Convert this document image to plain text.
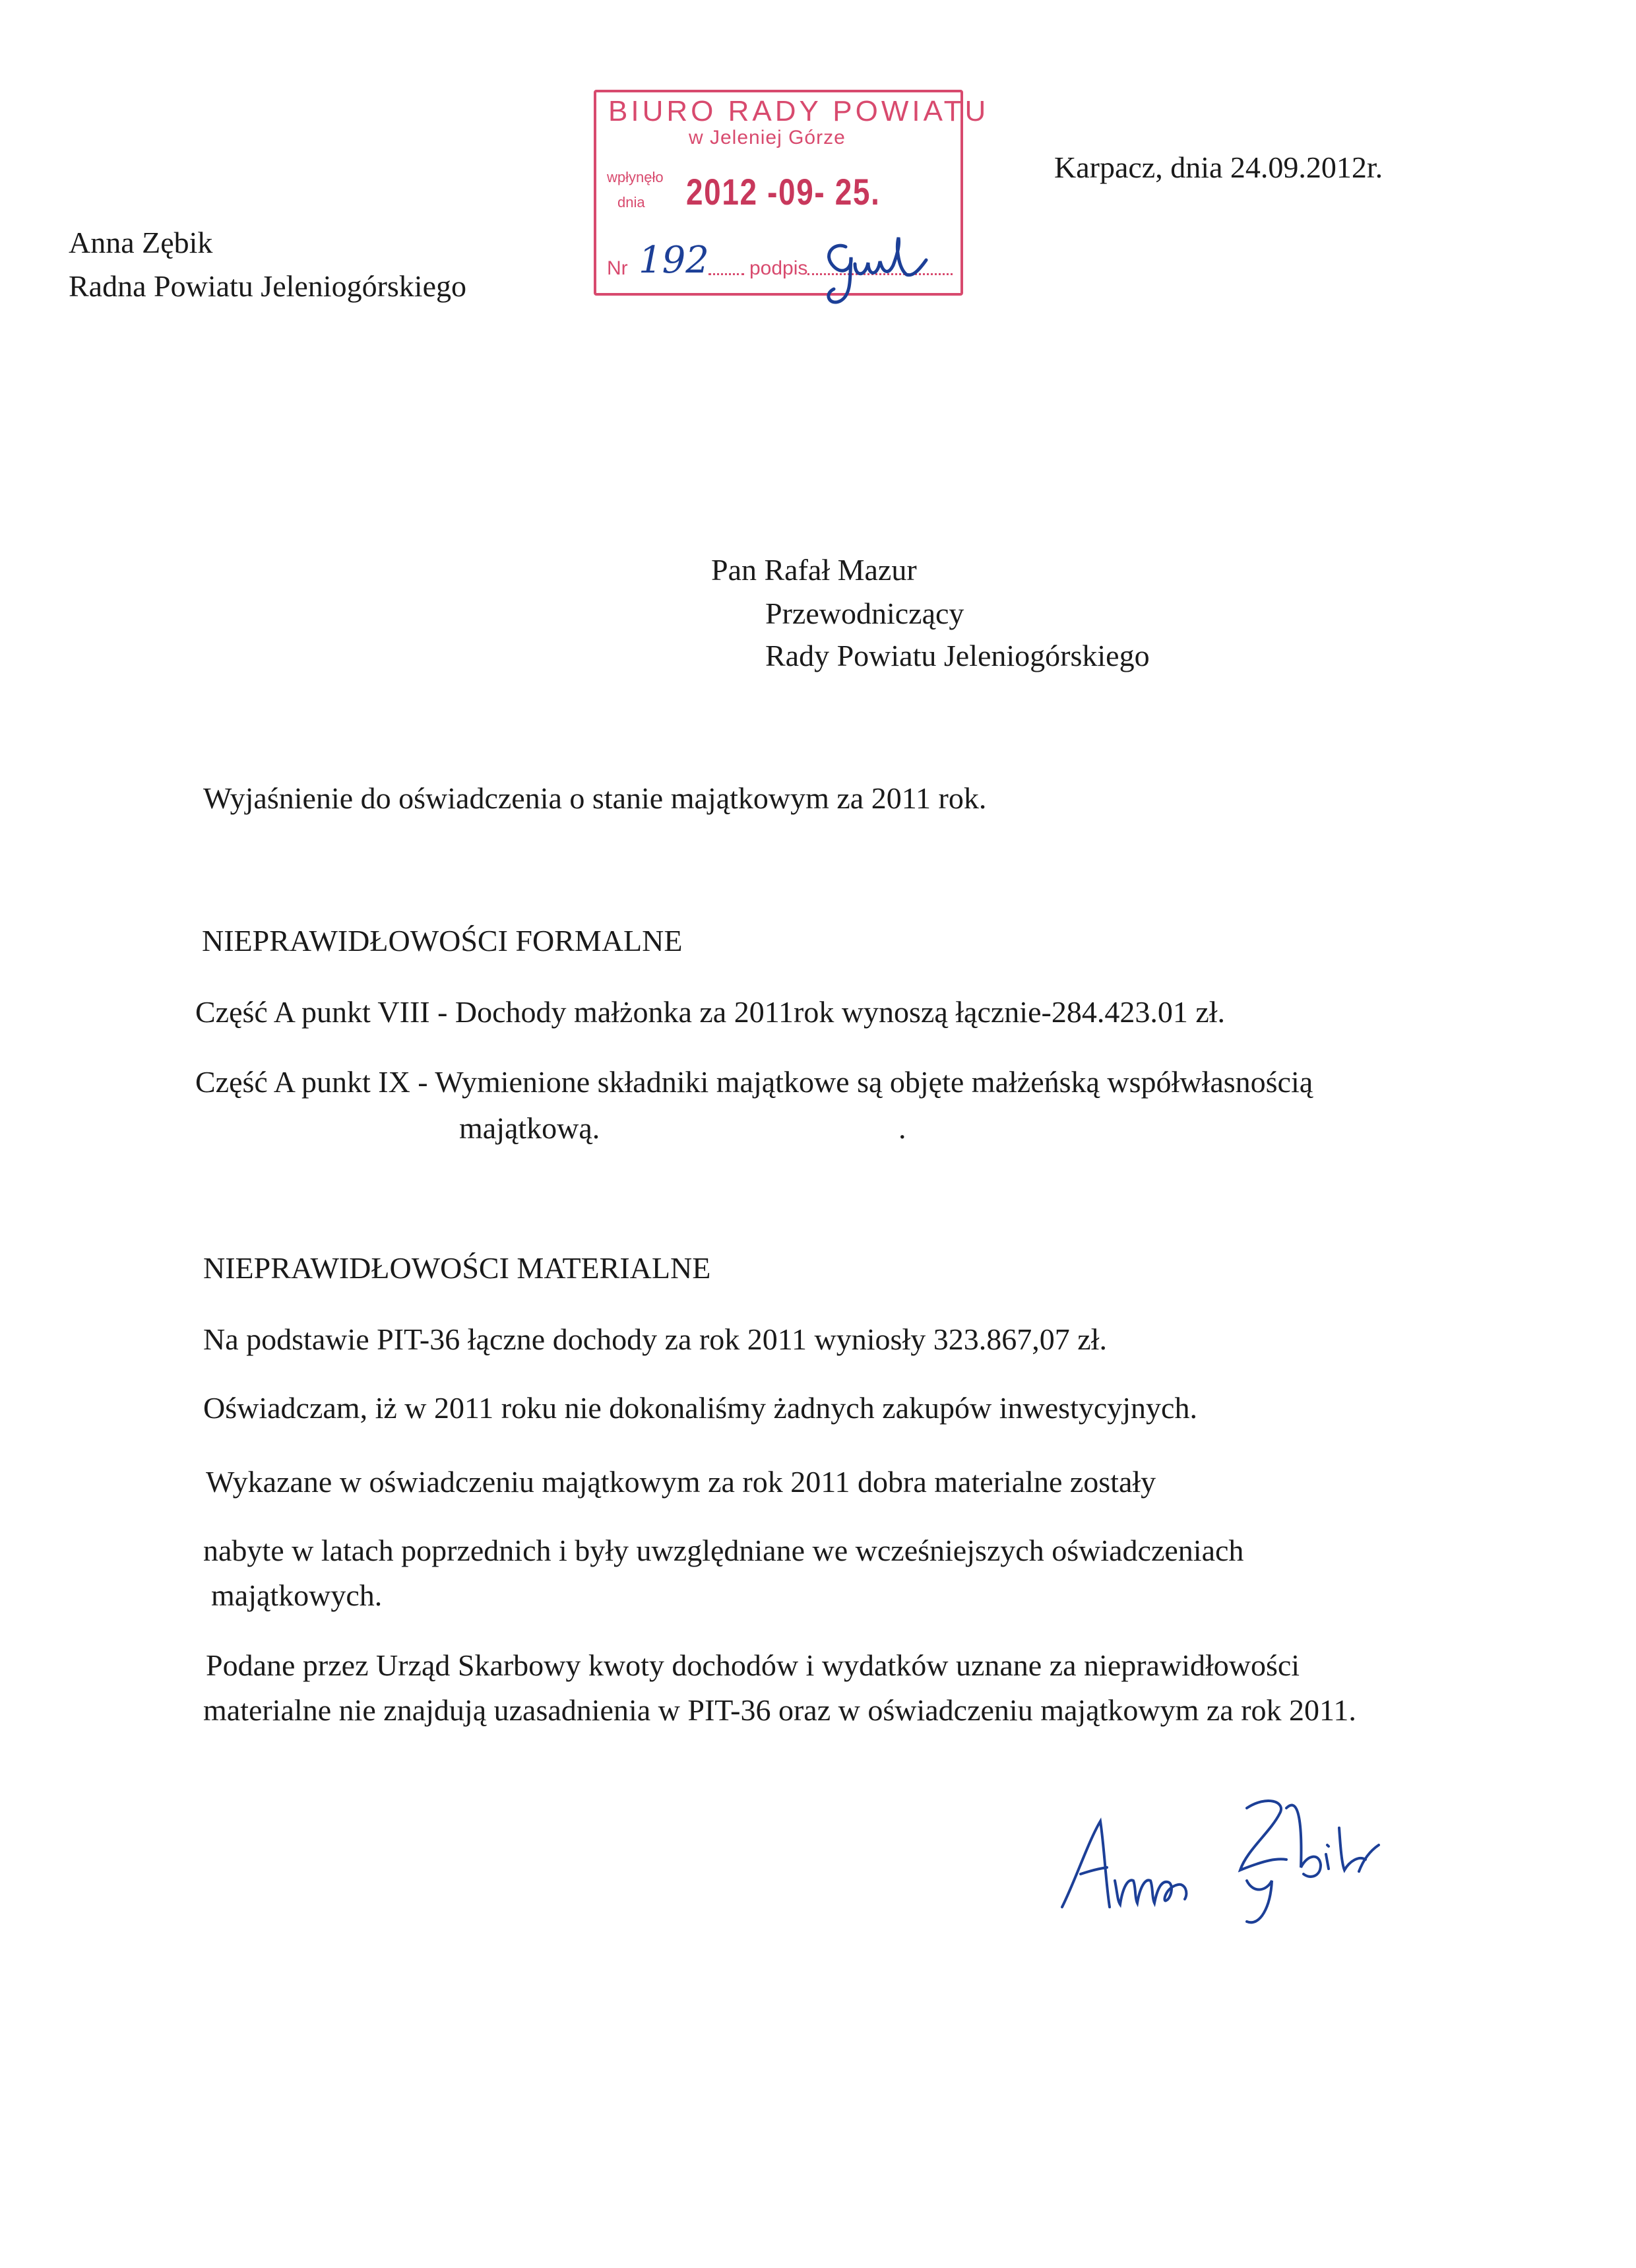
Anna Zębik
Radna Powiatu Jeleniogórskiego
Karpacz, dnia 24.09.2012r.
BIURO RADY POWIATU
w Jeleniej Górze
wpłynęło
dnia 2012 -09- 25.
Nr 192 podpis
Pan Rafał Mazur
Przewodniczący
Rady Powiatu Jeleniogórskiego
Wyjaśnienie do oświadczenia o stanie majątkowym za 2011 rok.
NIEPRAWIDŁOWOŚCI FORMALNE
Część A punkt VIII - Dochody małżonka za 2011rok wynoszą łącznie-284.423.01 zł.
Część A punkt IX - Wymienione składniki majątkowe są objęte małżeńską współwłasnością
majątkową.	.
NIEPRAWIDŁOWOŚCI MATERIALNE
Na podstawie PIT-36 łączne dochody za rok 2011 wyniosły 323.867,07 zł.
Oświadczam, iż w 2011 roku nie dokonaliśmy żadnych zakupów inwestycyjnych.
Wykazane w oświadczeniu majątkowym za rok 2011 dobra materialne zostały
nabyte w latach poprzednich i były uwzględniane we wcześniejszych oświadczeniach
majątkowych.
Podane przez Urząd Skarbowy kwoty dochodów i wydatków uznane za nieprawidłowości
materialne nie znajdują uzasadnienia w PIT-36 oraz w oświadczeniu majątkowym za rok 2011.
